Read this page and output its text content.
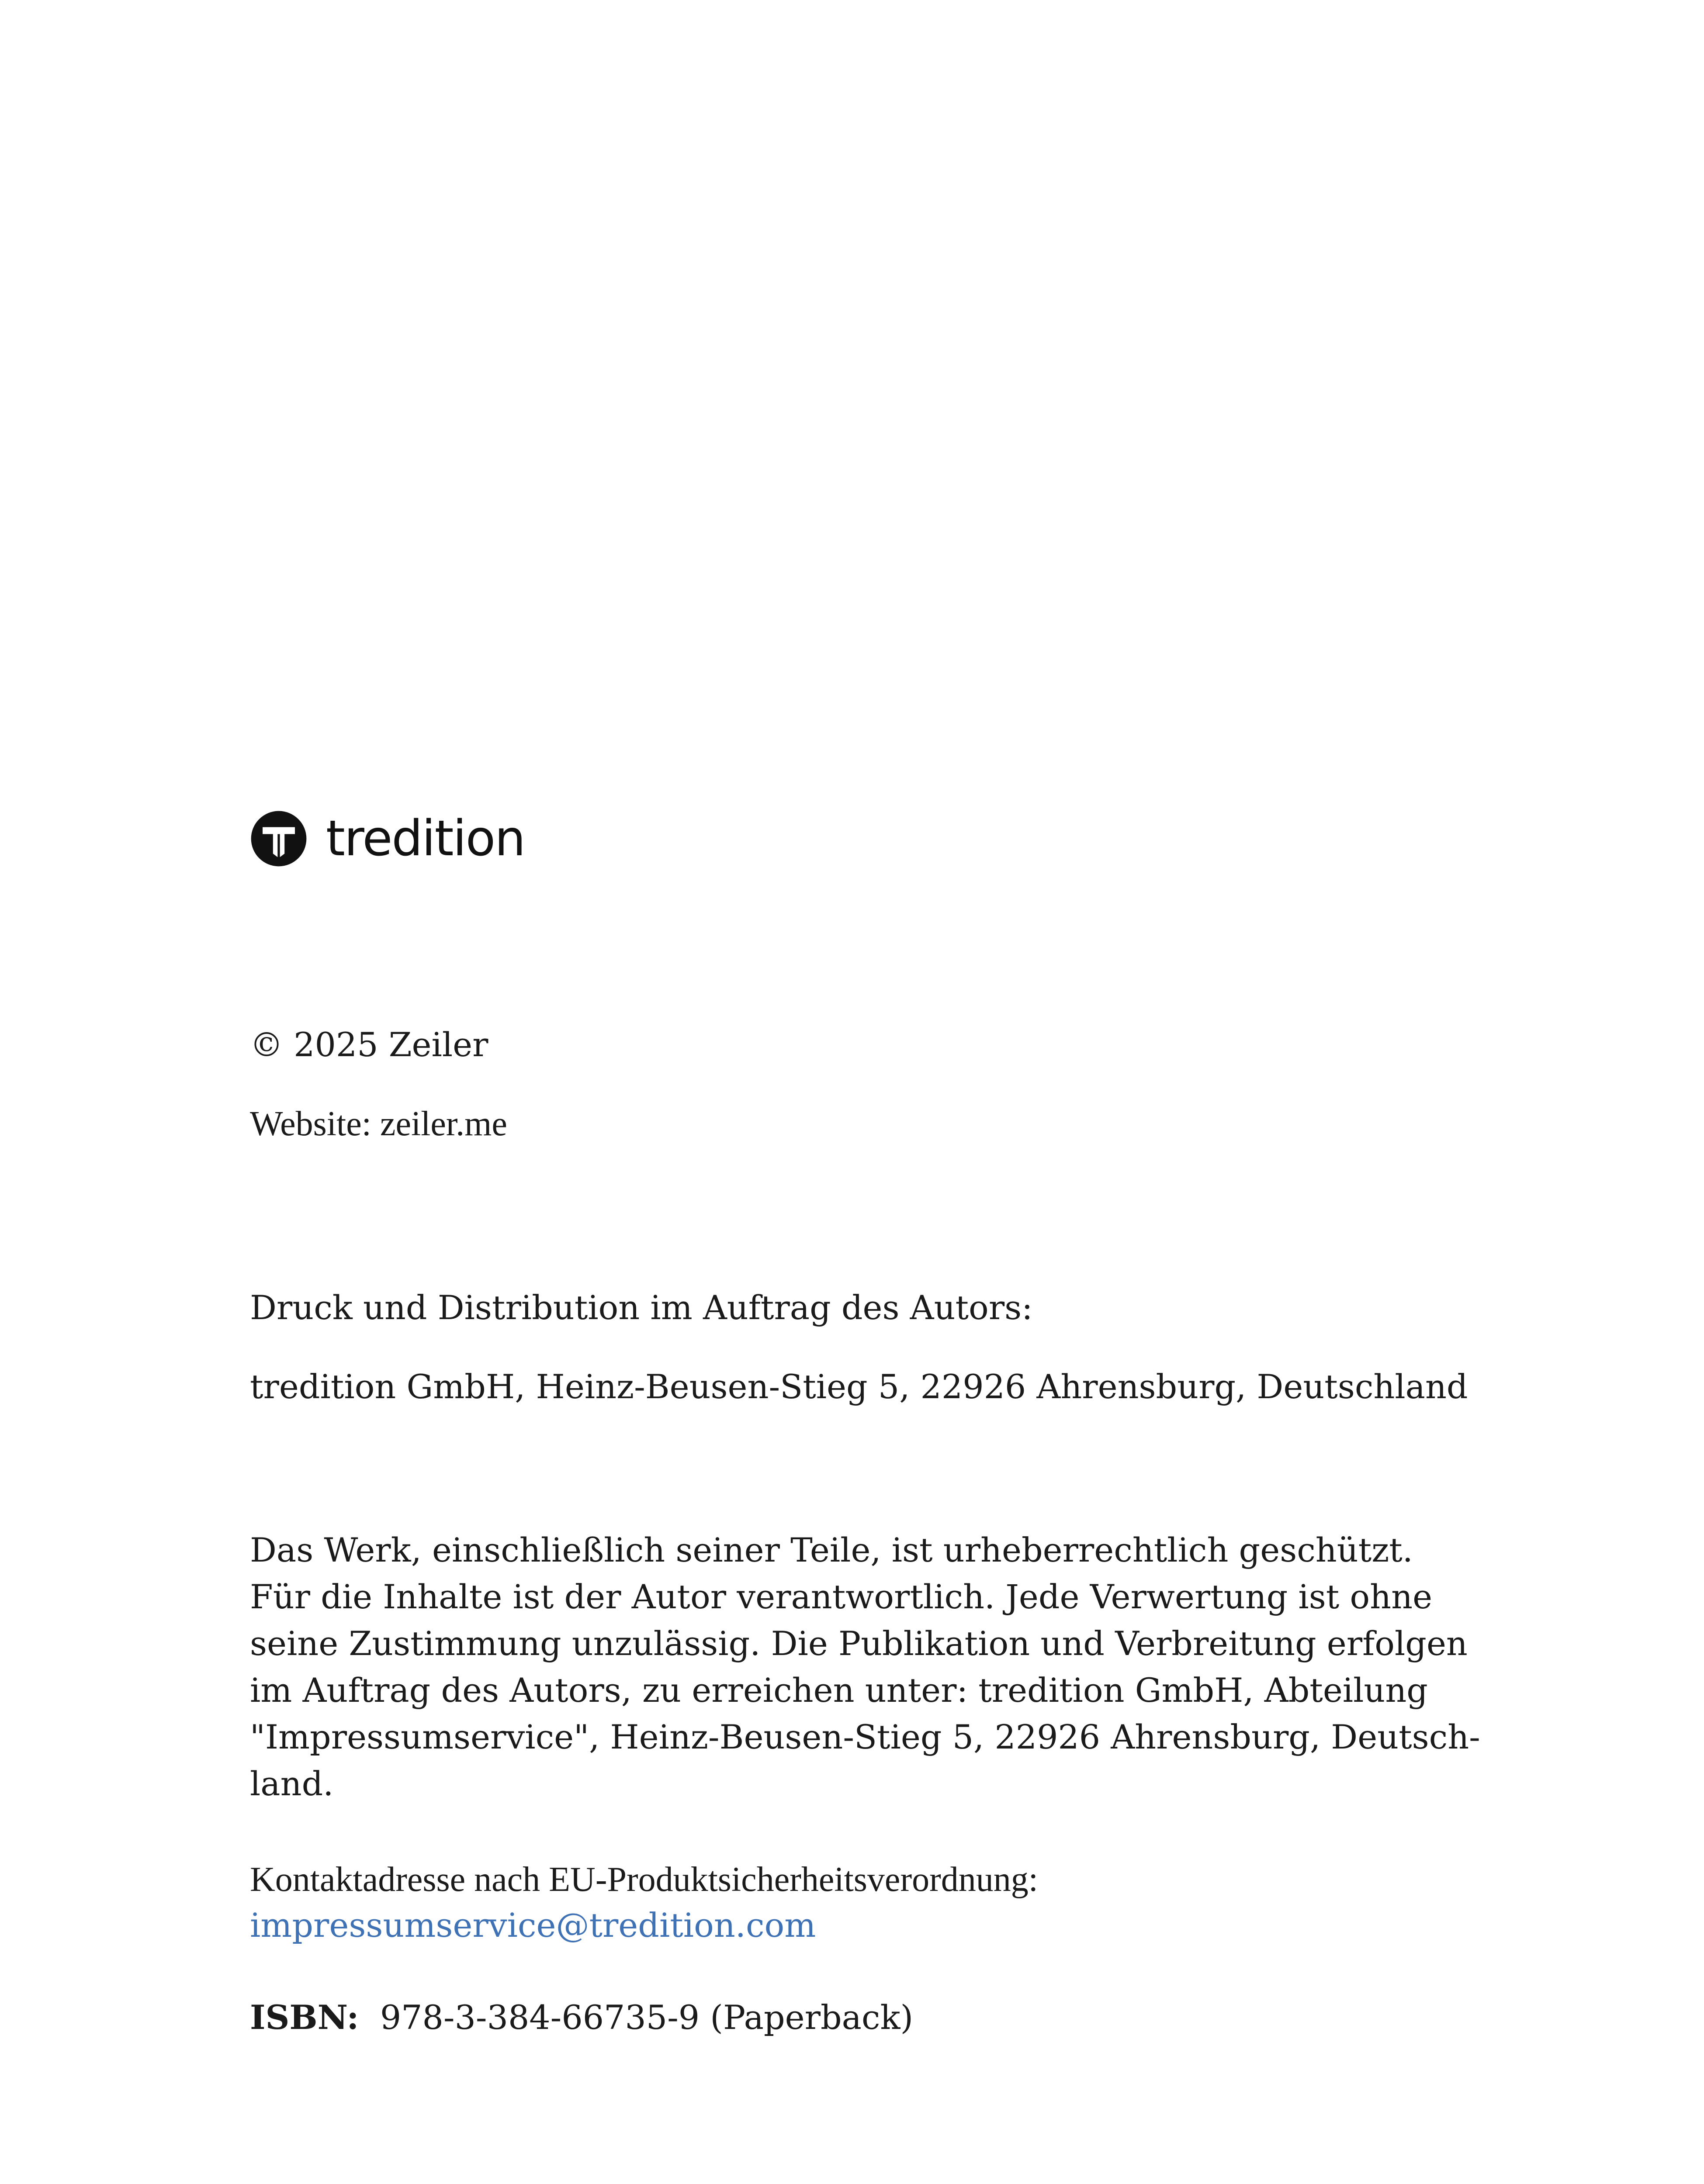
tredition
© 2025 Zeiler
Website: zeiler.me
Druck und Distribution im Auftrag des Autors:
tredition GmbH, Heinz-Beusen-Stieg 5, 22926 Ahrensburg, Deutschland
Das Werk, einschließlich seiner Teile, ist urheberrechtlich geschützt.
Für die Inhalte ist der Autor verantwortlich. Jede Verwertung ist ohne
seine Zustimmung unzulässig. Die Publikation und Verbreitung erfolgen
im Auftrag des Autors, zu erreichen unter: tredition GmbH, Abteilung
"Impressumservice", Heinz-Beusen-Stieg 5, 22926 Ahrensburg, Deutsch-
land.
Kontaktadresse nach EU-Produktsicherheitsverordnung:
impressumservice@tredition.com
ISBN: 978-3-384-66735-9 (Paperback)
